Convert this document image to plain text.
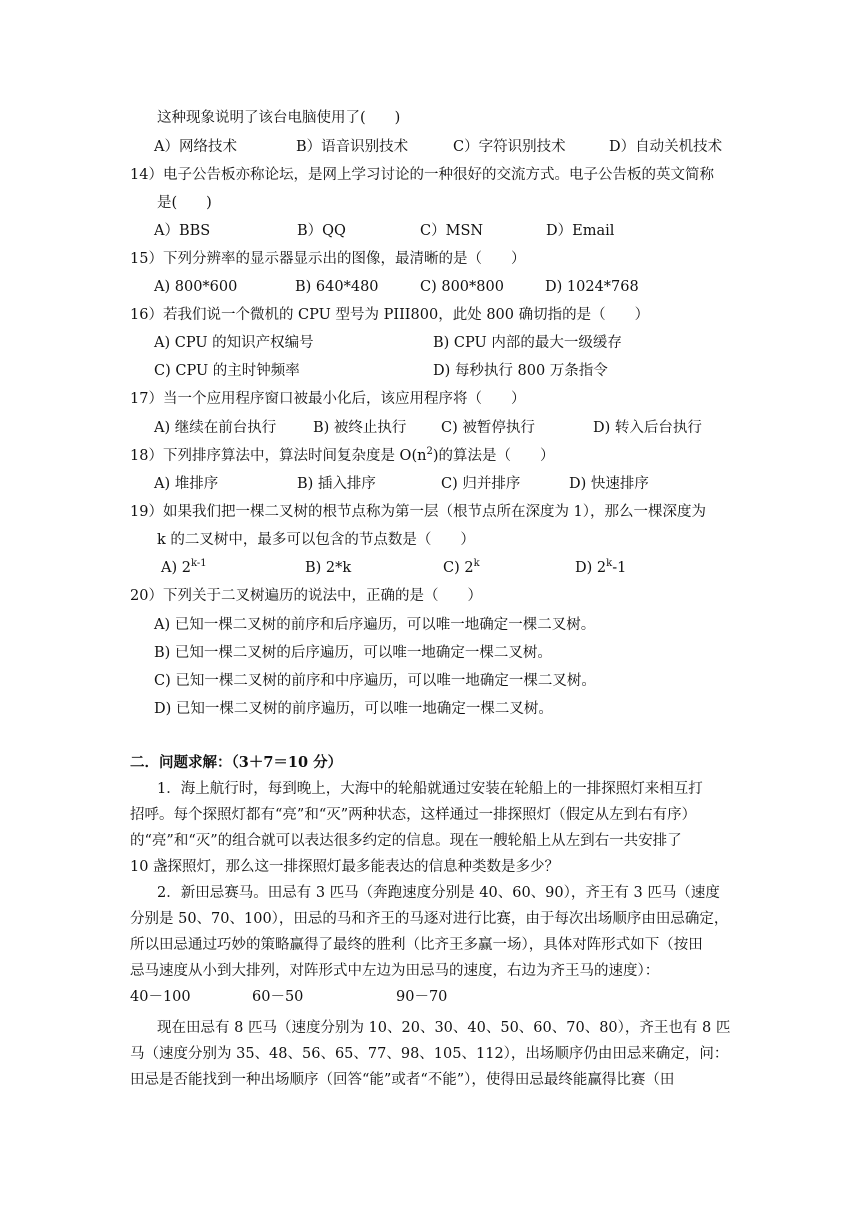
这种现象说明了该台电脑使用了(　　)
A）网络技术	B）语音识别技术	C）字符识别技术	D）自动关机技术
14）电子公告板亦称论坛，是网上学习讨论的一种很好的交流方式。电子公告板的英文简称
是(　　)
A）BBS	B）QQ	C）MSN	D）Email
15）下列分辨率的显示器显示出的图像，最清晰的是（　　）
A) 800*600	B) 640*480	C) 800*800	D) 1024*768
16）若我们说一个微机的 CPU 型号为 PIII800，此处 800 确切指的是（　　）
A) CPU 的知识产权编号	B) CPU 内部的最大一级缓存
C) CPU 的主时钟频率	D) 每秒执行 800 万条指令
17）当一个应用程序窗口被最小化后，该应用程序将（　　）
A) 继续在前台执行	B) 被终止执行 C) 被暂停执行	D) 转入后台执行
18）下列排序算法中，算法时间复杂度是 $O(n^2)$的算法是（　　）
A) 堆排序	B) 插入排序	C) 归并排序	D) 快速排序
19）如果我们把一棵二叉树的根节点称为第一层（根节点所在深度为 1），那么一棵深度为
k 的二叉树中，最多可以包含的节点数是（　　）
A) 2$^{k-1}$	B) 2*k	C) 2$^k$	D) 2$^k$-1
20）下列关于二叉树遍历的说法中，正确的是（　　）
A) 已知一棵二叉树的前序和后序遍历，可以唯一地确定一棵二叉树。
B) 已知一棵二叉树的后序遍历，可以唯一地确定一棵二叉树。
C) 已知一棵二叉树的前序和中序遍历，可以唯一地确定一棵二叉树。
D) 已知一棵二叉树的前序遍历，可以唯一地确定一棵二叉树。
二．问题求解：（3＋7＝10 分）
1．海上航行时，每到晚上，大海中的轮船就通过安装在轮船上的一排探照灯来相互打
招呼。每个探照灯都有“亮”和“灭”两种状态，这样通过一排探照灯（假定从左到右有序）
的“亮”和“灭”的组合就可以表达很多约定的信息。现在一艘轮船上从左到右一共安排了
10 盏探照灯，那么这一排探照灯最多能表达的信息种类数是多少？
2．新田忌赛马。田忌有 3 匹马（奔跑速度分别是 40、60、90），齐王有 3 匹马（速度
分别是 50、70、100），田忌的马和齐王的马逐对进行比赛，由于每次出场顺序由田忌确定，
所以田忌通过巧妙的策略赢得了最终的胜利（比齐王多赢一场），具体对阵形式如下（按田
忌马速度从小到大排列，对阵形式中左边为田忌马的速度，右边为齐王马的速度）：
40－100	60－50	90－70
现在田忌有 8 匹马（速度分别为 10、20、30、40、50、60、70、80），齐王也有 8 匹
马（速度分别为 35、48、56、65、77、98、105、112），出场顺序仍由田忌来确定，问：
田忌是否能找到一种出场顺序（回答“能”或者“不能”），使得田忌最终能赢得比赛（田
